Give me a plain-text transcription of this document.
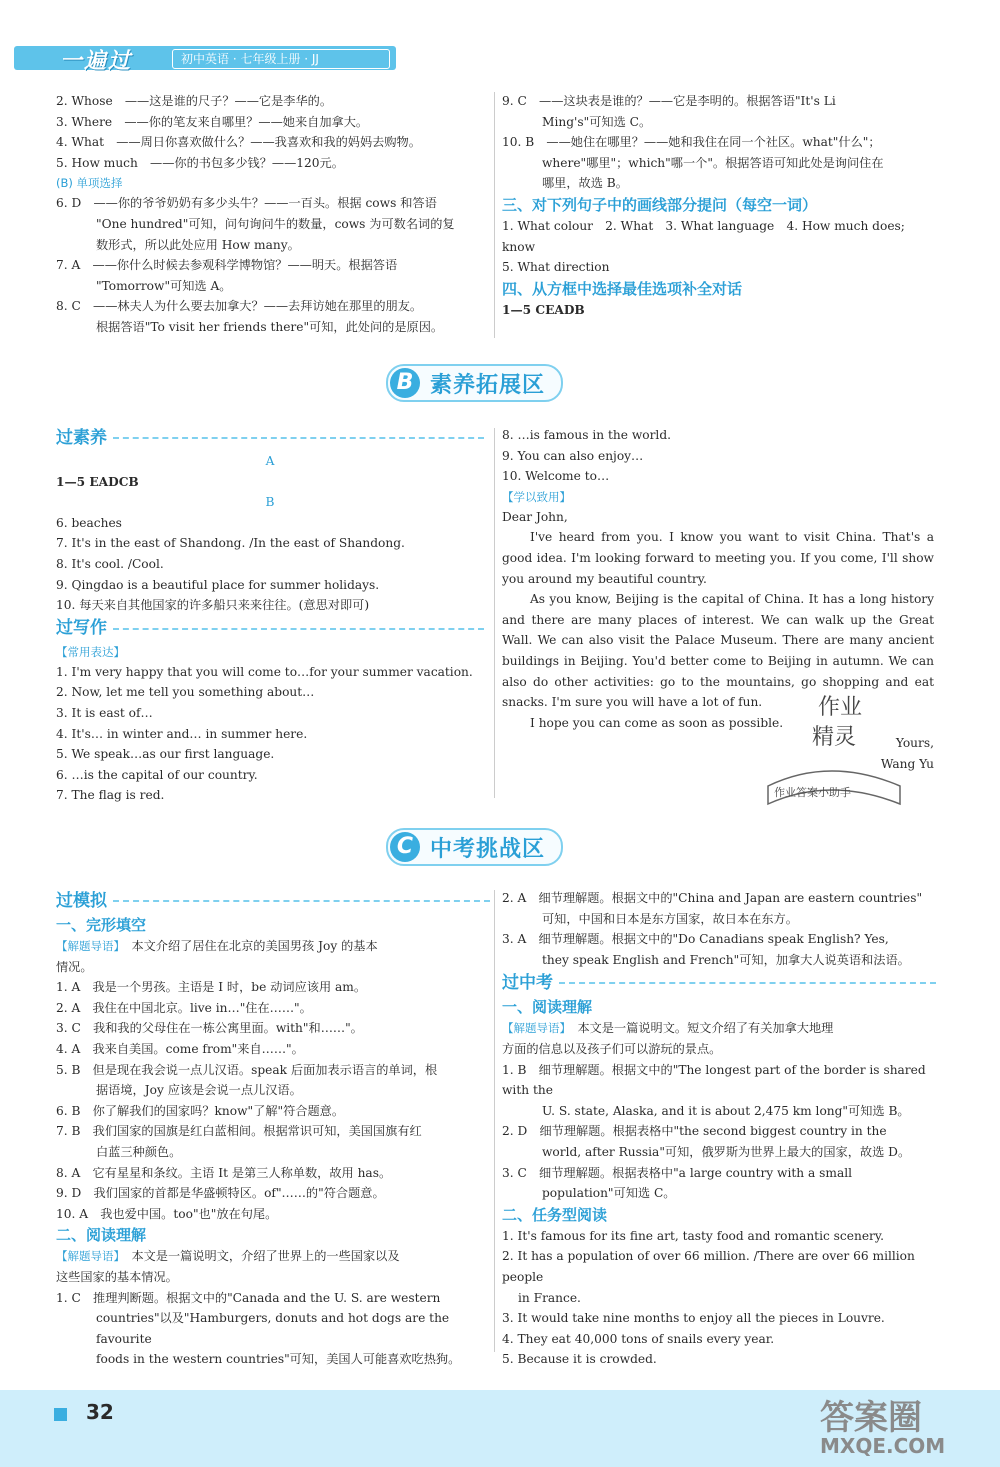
一遍过	初中英语 · 七年级上册 · JJ

2. Whose　——这是谁的尺子？——它是李华的。

3. Where　——你的笔友来自哪里？——她来自加拿大。

4. What　——周日你喜欢做什么？——我喜欢和我的妈妈去购物。

5. How much　——你的书包多少钱？——120元。

(B) 单项选择

6. D　 ——你的爷爷奶奶有多少头牛？——一百头。根据 cows 和答语

"One hundred"可知，问句询问牛的数量，cows 为可数名词的复

数形式，所以此处应用 How many。

7. A　 ——你什么时候去参观科学博物馆？——明天。根据答语

"Tomorrow"可知选 A。

8. C　 ——林夫人为什么要去加拿大？——去拜访她在那里的朋友。

根据答语"To visit her friends there"可知，此处问的是原因。

9. C　 ——这块表是谁的？——它是李明的。根据答语"It's Li

Ming's"可知选 C。

10. B　 ——她住在哪里？——她和我住在同一个社区。what"什么"；

where"哪里"；which"哪一个"。根据答语可知此处是询问住在

哪里，故选 B。

三、对下列句子中的画线部分提问（每空一词）

1. What colour　2. What　3. What language　4. How much does; know

5. What direction

四、从方框中选择最佳选项补全对话

1—5 CEADB

B 素养拓展区
过素养

A

1—5 EADCB

B

6. beaches

7. It's in the east of Shandong. /In the east of Shandong.

8. It's cool. /Cool.

9. Qingdao is a beautiful place for summer holidays.

10. 每天来自其他国家的许多船只来来往往。(意思对即可)

过写作

【常用表达】

1. I'm very happy that you will come to…for your summer vacation.

2. Now, let me tell you something about…

3. It is east of…

4. It's… in winter and… in summer here.

5. We speak…as our first language.

6. …is the capital of our country.

7. The flag is red.

8. …is famous in the world.

9. You can also enjoy…

10. Welcome to…

【学以致用】

Dear John,

I've heard from you. I know you want to visit China. That's a good idea. I'm looking forward to meeting you. If you come, I'll show you around my beautiful country.

As you know, Beijing is the capital of China. It has a long history and there are many places of interest. We can walk up the Great Wall. We can also visit the Palace Museum. There are many ancient buildings in Beijing. You'd better come to Beijing in autumn. We can also do other activities: go to the mountains, go shopping and eat snacks. I'm sure you will have a lot of fun.

I hope you can come as soon as possible.

Yours,

Wang Yu

作业
精灵
作业答案小助手
C 中考挑战区
过模拟

一、完形填空

【解题导语】　 本文介绍了居住在北京的美国男孩 Joy 的基本

情况。

1. A　 我是一个男孩。主语是 I 时，be 动词应该用 am。

2. A　 我住在中国北京。live in…"住在……"。

3. C　 我和我的父母住在一栋公寓里面。with"和……"。

4. A　 我来自美国。come from"来自……"。

5. B　 但是现在我会说一点儿汉语。speak 后面加表示语言的单词，根

据语境，Joy 应该是会说一点儿汉语。

6. B　 你了解我们的国家吗？know"了解"符合题意。

7. B　 我们国家的国旗是红白蓝相间。根据常识可知，美国国旗有红

白蓝三种颜色。

8. A　 它有星星和条纹。主语 It 是第三人称单数，故用 has。

9. D　 我们国家的首都是华盛顿特区。of"……的"符合题意。

10. A　 我也爱中国。too"也"放在句尾。

二、阅读理解

【解题导语】　 本文是一篇说明文，介绍了世界上的一些国家以及

这些国家的基本情况。

1. C　 推理判断题。根据文中的"Canada and the U. S. are western

countries"以及"Hamburgers, donuts and hot dogs are the favourite

foods in the western countries"可知，美国人可能喜欢吃热狗。

2. A　 细节理解题。根据文中的"China and Japan are eastern countries"

可知，中国和日本是东方国家，故日本在东方。

3. A　 细节理解题。根据文中的"Do Canadians speak English? Yes,

they speak English and French"可知，加拿大人说英语和法语。

过中考

一、阅读理解

【解题导语】　 本文是一篇说明文。短文介绍了有关加拿大地理

方面的信息以及孩子们可以游玩的景点。

1. B　 细节理解题。根据文中的"The longest part of the border is shared with the

U. S. state, Alaska, and it is about 2,475 km long"可知选 B。

2. D　 细节理解题。根据表格中"the second biggest country in the

world, after Russia"可知，俄罗斯为世界上最大的国家，故选 D。

3. C　 细节理解题。根据表格中"a large country with a small

population"可知选 C。

二、任务型阅读

1. It's famous for its fine art, tasty food and romantic scenery.

2. It has a population of over 66 million. /There are over 66 million people

in France.

3. It would take nine months to enjoy all the pieces in Louvre.

4. They eat 40,000 tons of snails every year.

5. Because it is crowded.

32	答案圈
MXQE.COM
